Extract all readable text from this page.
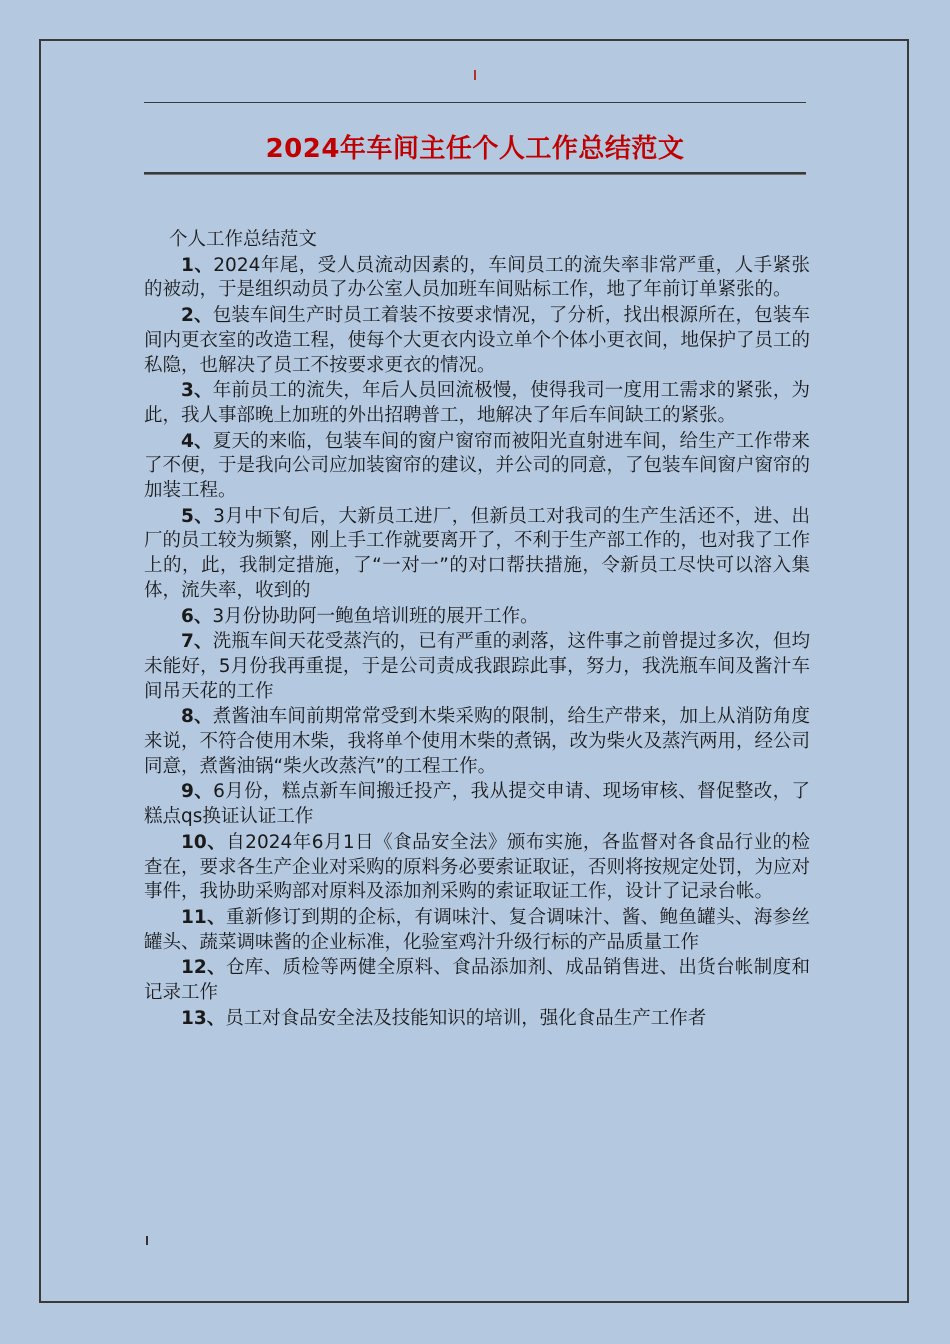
2024年车间主任个人工作总结范文

个人工作总结范文

1、2024年尾，受人员流动因素的，车间员工的流失率非常严重，人手紧张的被动，于是组织动员了办公室人员加班车间贴标工作，地了年前订单紧张的。

2、包装车间生产时员工着装不按要求情况，了分析，找出根源所在，包装车间内更衣室的改造工程，使每个大更衣内设立单个个体小更衣间，地保护了员工的私隐，也解决了员工不按要求更衣的情况。

3、年前员工的流失，年后人员回流极慢，使得我司一度用工需求的紧张，为此，我人事部晚上加班的外出招聘普工，地解决了年后车间缺工的紧张。

4、夏天的来临，包装车间的窗户窗帘而被阳光直射进车间，给生产工作带来了不便，于是我向公司应加装窗帘的建议，并公司的同意，了包装车间窗户窗帘的加装工程。

5、3月中下旬后，大新员工进厂，但新员工对我司的生产生活还不，进、出厂的员工较为频繁，刚上手工作就要离开了，不利于生产部工作的，也对我了工作上的，此，我制定措施，了“一对一”的对口帮扶措施，令新员工尽快可以溶入集体，流失率，收到的

6、3月份协助阿一鲍鱼培训班的展开工作。

7、洗瓶车间天花受蒸汽的，已有严重的剥落，这件事之前曾提过多次，但均未能好，5月份我再重提，于是公司责成我跟踪此事，努力，我洗瓶车间及酱汁车间吊天花的工作

8、煮酱油车间前期常常受到木柴采购的限制，给生产带来，加上从消防角度来说，不符合使用木柴，我将单个使用木柴的煮锅，改为柴火及蒸汽两用，经公司同意，煮酱油锅“柴火改蒸汽”的工程工作。

9、6月份，糕点新车间搬迁投产，我从提交申请、现场审核、督促整改，了糕点qs换证认证工作

10、自2024年6月1日《食品安全法》颁布实施，各监督对各食品行业的检查在，要求各生产企业对采购的原料务必要索证取证，否则将按规定处罚，为应对事件，我协助采购部对原料及添加剂采购的索证取证工作，设计了记录台帐。

11、重新修订到期的企标，有调味汁、复合调味汁、酱、鲍鱼罐头、海参丝罐头、蔬菜调味酱的企业标准，化验室鸡汁升级行标的产品质量工作

12、仓库、质检等两健全原料、食品添加剂、成品销售进、出货台帐制度和记录工作

13、员工对食品安全法及技能知识的培训，强化食品生产工作者
